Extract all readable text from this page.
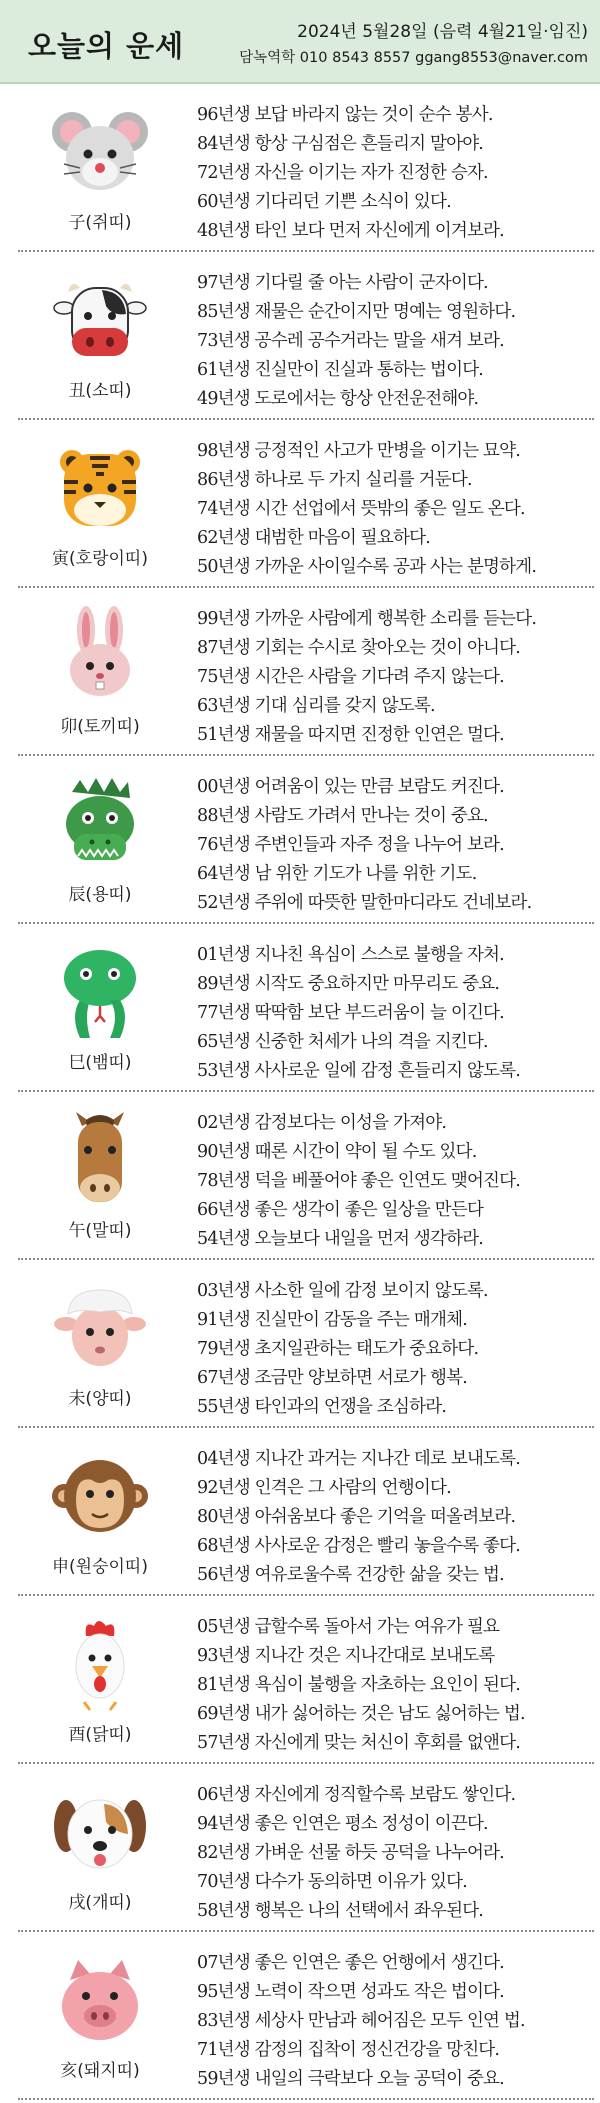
오늘의 운세	2024년 5월28일 (음력 4월21일·임진)
담녹역학 010 8543 8557 ggang8553@naver.com
子(쥐띠)
96년생 보답 바라지 않는 것이 순수 봉사.
84년생 항상 구심점은 흔들리지 말아야.
72년생 자신을 이기는 자가 진정한 승자.
60년생 기다리던 기쁜 소식이 있다.
48년생 타인 보다 먼저 자신에게 이겨보라.
丑(소띠)
97년생 기다릴 줄 아는 사람이 군자이다.
85년생 재물은 순간이지만 명예는 영원하다.
73년생 공수레 공수거라는 말을 새겨 보라.
61년생 진실만이 진실과 통하는 법이다.
49년생 도로에서는 항상 안전운전해야.
寅(호랑이띠)
98년생 긍정적인 사고가 만병을 이기는 묘약.
86년생 하나로 두 가지 실리를 거둔다.
74년생 시간 선업에서 뜻밖의 좋은 일도 온다.
62년생 대범한 마음이 필요하다.
50년생 가까운 사이일수록 공과 사는 분명하게.
卯(토끼띠)
99년생 가까운 사람에게 행복한 소리를 듣는다.
87년생 기회는 수시로 찾아오는 것이 아니다.
75년생 시간은 사람을 기다려 주지 않는다.
63년생 기대 심리를 갖지 않도록.
51년생 재물을 따지면 진정한 인연은 멀다.
辰(용띠)
00년생 어려움이 있는 만큼 보람도 커진다.
88년생 사람도 가려서 만나는 것이 중요.
76년생 주변인들과 자주 정을 나누어 보라.
64년생 남 위한 기도가 나를 위한 기도.
52년생 주위에 따뜻한 말한마디라도 건네보라.
巳(뱀띠)
01년생 지나친 욕심이 스스로 불행을 자처.
89년생 시작도 중요하지만 마무리도 중요.
77년생 딱딱함 보단 부드러움이 늘 이긴다.
65년생 신중한 처세가 나의 격을 지킨다.
53년생 사사로운 일에 감정 흔들리지 않도록.
午(말띠)
02년생 감정보다는 이성을 가져야.
90년생 때론 시간이 약이 될 수도 있다.
78년생 덕을 베풀어야 좋은 인연도 맺어진다.
66년생 좋은 생각이 좋은 일상을 만든다
54년생 오늘보다 내일을 먼저 생각하라.
未(양띠)
03년생 사소한 일에 감정 보이지 않도록.
91년생 진실만이 감동을 주는 매개체.
79년생 초지일관하는 태도가 중요하다.
67년생 조금만 양보하면 서로가 행복.
55년생 타인과의 언쟁을 조심하라.
申(원숭이띠)
04년생 지나간 과거는 지나간 데로 보내도록.
92년생 인격은 그 사람의 언행이다.
80년생 아쉬움보다 좋은 기억을 떠올려보라.
68년생 사사로운 감정은 빨리 놓을수록 좋다.
56년생 여유로울수록 건강한 삶을 갖는 법.
酉(닭띠)
05년생 급할수록 돌아서 가는 여유가 필요
93년생 지나간 것은 지나간대로 보내도록
81년생 욕심이 불행을 자초하는 요인이 된다.
69년생 내가 싫어하는 것은 남도 싫어하는 법.
57년생 자신에게 맞는 처신이 후회를 없앤다.
戌(개띠)
06년생 자신에게 정직할수록 보람도 쌓인다.
94년생 좋은 인연은 평소 정성이 이끈다.
82년생 가벼운 선물 하듯 공덕을 나누어라.
70년생 다수가 동의하면 이유가 있다.
58년생 행복은 나의 선택에서 좌우된다.
亥(돼지띠)
07년생 좋은 인연은 좋은 언행에서 생긴다.
95년생 노력이 작으면 성과도 작은 법이다.
83년생 세상사 만남과 헤어짐은 모두 인연 법.
71년생 감정의 집착이 정신건강을 망친다.
59년생 내일의 극락보다 오늘 공덕이 중요.
